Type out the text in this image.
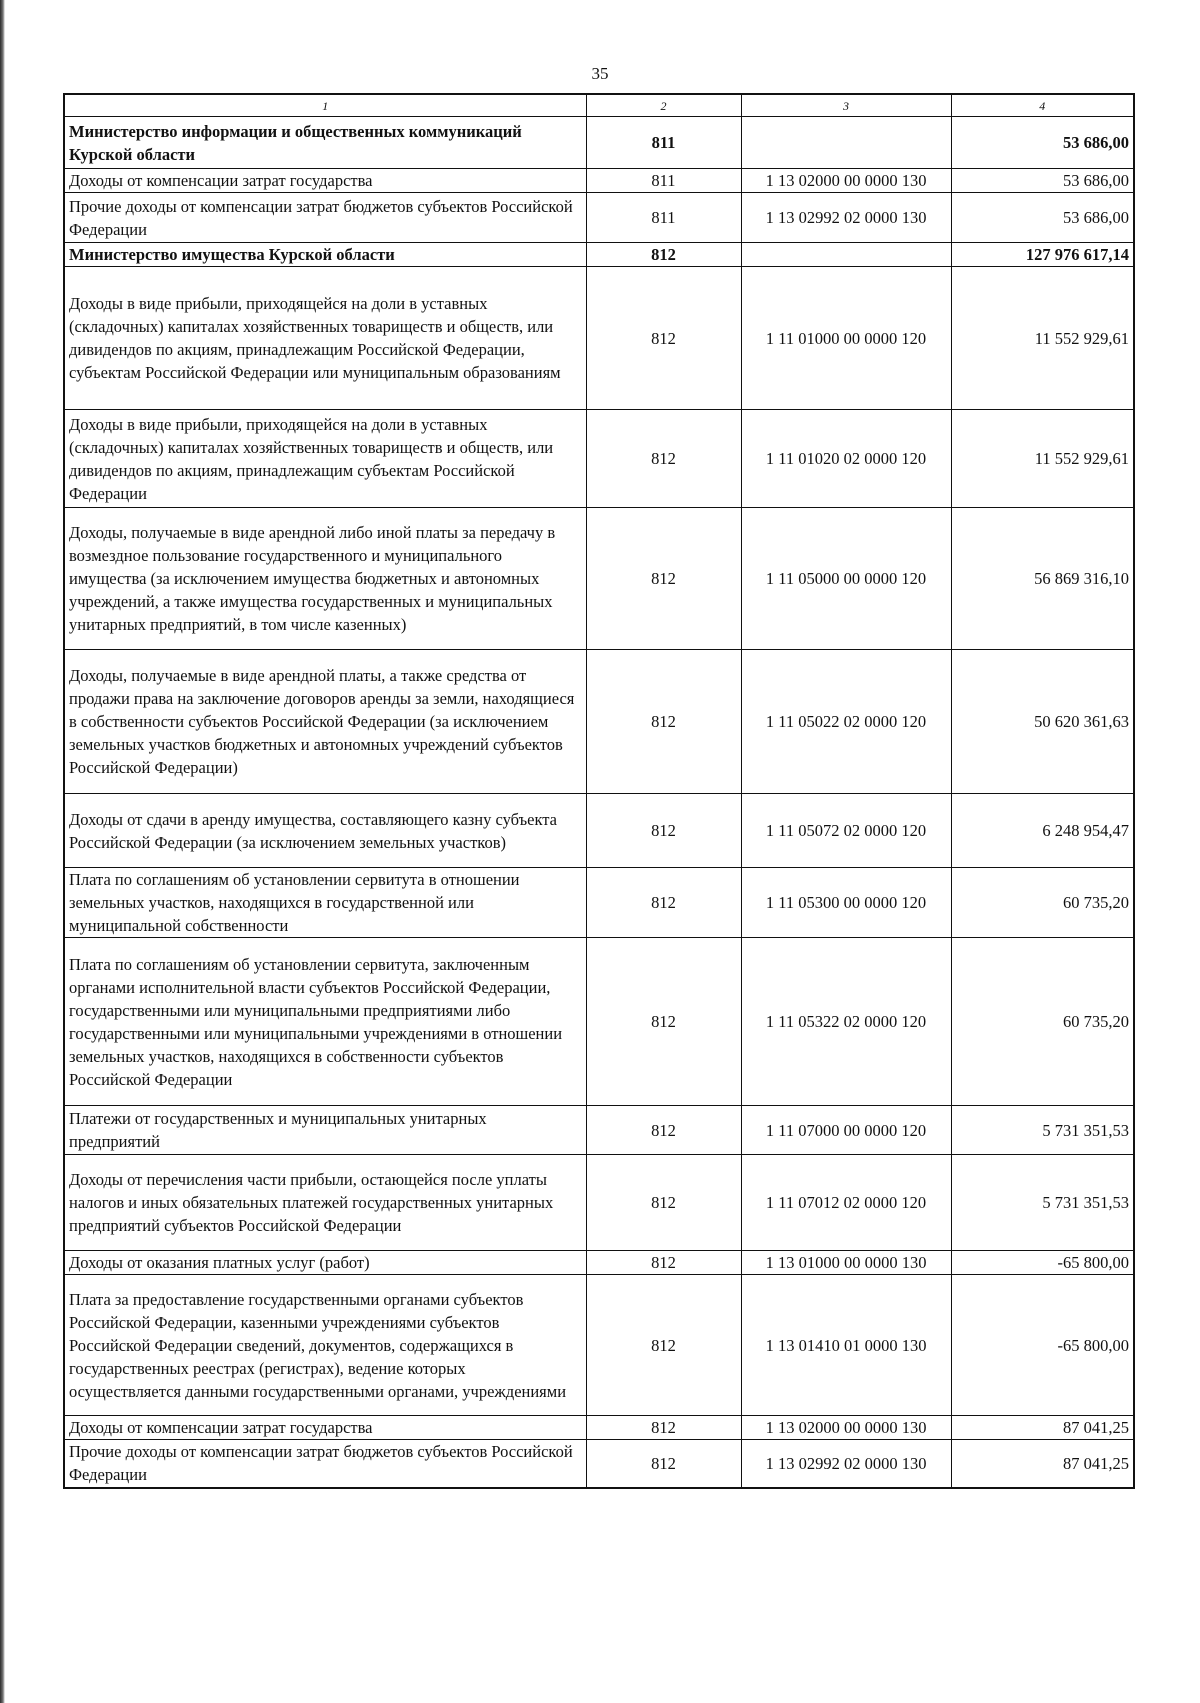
35
1	2	3	4
Министерство информации и общественных коммуникаций Курской области	811		53 686,00
Доходы от компенсации затрат государства	811	1 13 02000 00 0000 130	53 686,00
Прочие доходы от компенсации затрат бюджетов субъектов Российской Федерации	811	1 13 02992 02 0000 130	53 686,00
Министерство имущества Курской области	812		127 976 617,14
Доходы в виде прибыли, приходящейся на доли в уставных (складочных) капиталах хозяйственных товариществ и обществ, или дивидендов по акциям, принадлежащим Российской Федерации, субъектам Российской Федерации или муниципальным образованиям	812	1 11 01000 00 0000 120	11 552 929,61
Доходы в виде прибыли, приходящейся на доли в уставных (складочных) капиталах хозяйственных товариществ и обществ, или дивидендов по акциям, принадлежащим субъектам Российской Федерации	812	1 11 01020 02 0000 120	11 552 929,61
Доходы, получаемые в виде арендной либо иной платы за передачу в возмездное пользование государственного и муниципального имущества (за исключением имущества бюджетных и автономных учреждений, а также имущества государственных и муниципальных унитарных предприятий, в том числе казенных)	812	1 11 05000 00 0000 120	56 869 316,10
Доходы, получаемые в виде арендной платы, а также средства от продажи права на заключение договоров аренды за земли, находящиеся в собственности субъектов Российской Федерации (за исключением земельных участков бюджетных и автономных учреждений субъектов Российской Федерации)	812	1 11 05022 02 0000 120	50 620 361,63
Доходы от сдачи в аренду имущества, составляющего казну субъекта Российской Федерации (за исключением земельных участков)	812	1 11 05072 02 0000 120	6 248 954,47
Плата по соглашениям об установлении сервитута в отношении земельных участков, находящихся в государственной или муниципальной собственности	812	1 11 05300 00 0000 120	60 735,20
Плата по соглашениям об установлении сервитута, заключенным органами исполнительной власти субъектов Российской Федерации, государственными или муниципальными предприятиями либо государственными или муниципальными учреждениями в отношении земельных участков, находящихся в собственности субъектов Российской Федерации	812	1 11 05322 02 0000 120	60 735,20
Платежи от государственных и муниципальных унитарных предприятий	812	1 11 07000 00 0000 120	5 731 351,53
Доходы от перечисления части прибыли, остающейся после уплаты налогов и иных обязательных платежей государственных унитарных предприятий субъектов Российской Федерации	812	1 11 07012 02 0000 120	5 731 351,53
Доходы от оказания платных услуг (работ)	812	1 13 01000 00 0000 130	-65 800,00
Плата за предоставление государственными органами субъектов Российской Федерации, казенными учреждениями субъектов Российской Федерации сведений, документов, содержащихся в государственных реестрах (регистрах), ведение которых осуществляется данными государственными органами, учреждениями	812	1 13 01410 01 0000 130	-65 800,00
Доходы от компенсации затрат государства	812	1 13 02000 00 0000 130	87 041,25
Прочие доходы от компенсации затрат бюджетов субъектов Российской Федерации	812	1 13 02992 02 0000 130	87 041,25
